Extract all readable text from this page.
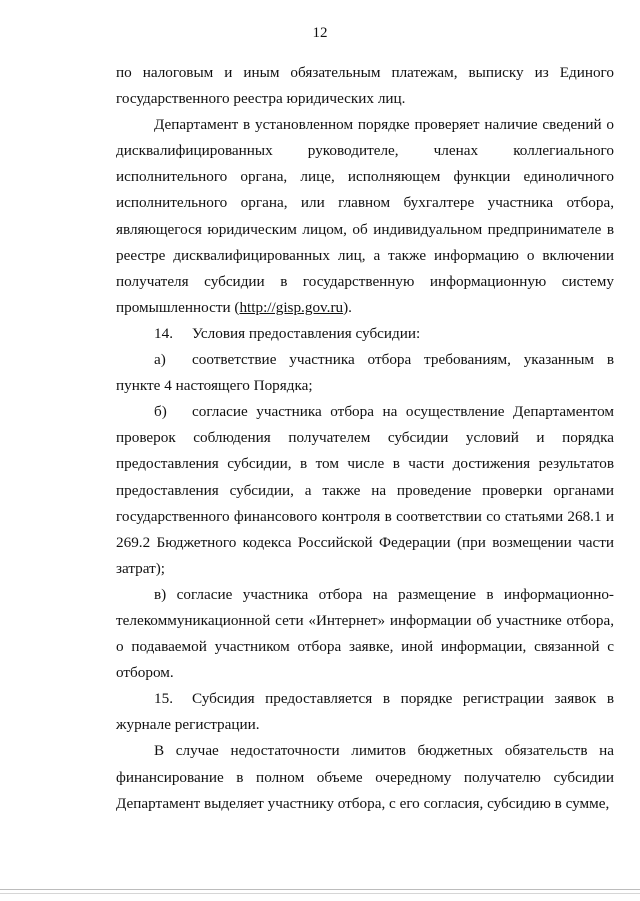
12

по налоговым и иным обязательным платежам, выписку из Единого государственного реестра юридических лиц.

Департамент в установленном порядке проверяет наличие сведений о дисквалифицированных руководителе, членах коллегиального исполнительного органа, лице, исполняющем функции единоличного исполнительного органа, или главном бухгалтере участника отбора, являющегося юридическим лицом, об индивидуальном предпринимателе в реестре дисквалифицированных лиц, а также информацию о включении получателя субсидии в государственную информационную систему промышленности (http://gisp.gov.ru).

14. Условия предоставления субсидии:

а) соответствие участника отбора требованиям, указанным в пункте 4 настоящего Порядка;

б) согласие участника отбора на осуществление Департаментом проверок соблюдения получателем субсидии условий и порядка предоставления субсидии, в том числе в части достижения результатов предоставления субсидии, а также на проведение проверки органами государственного финансового контроля в соответствии со статьями 268.1 и 269.2 Бюджетного кодекса Российской Федерации (при возмещении части затрат);

в) согласие участника отбора на размещение в информационно-телекоммуникационной сети «Интернет» информации об участнике отбора, о подаваемой участником отбора заявке, иной информации, связанной с отбором.

15. Субсидия предоставляется в порядке регистрации заявок в журнале регистрации.

В случае недостаточности лимитов бюджетных обязательств на финансирование в полном объеме очередному получателю субсидии Департамент выделяет участнику отбора, с его согласия, субсидию в сумме,
